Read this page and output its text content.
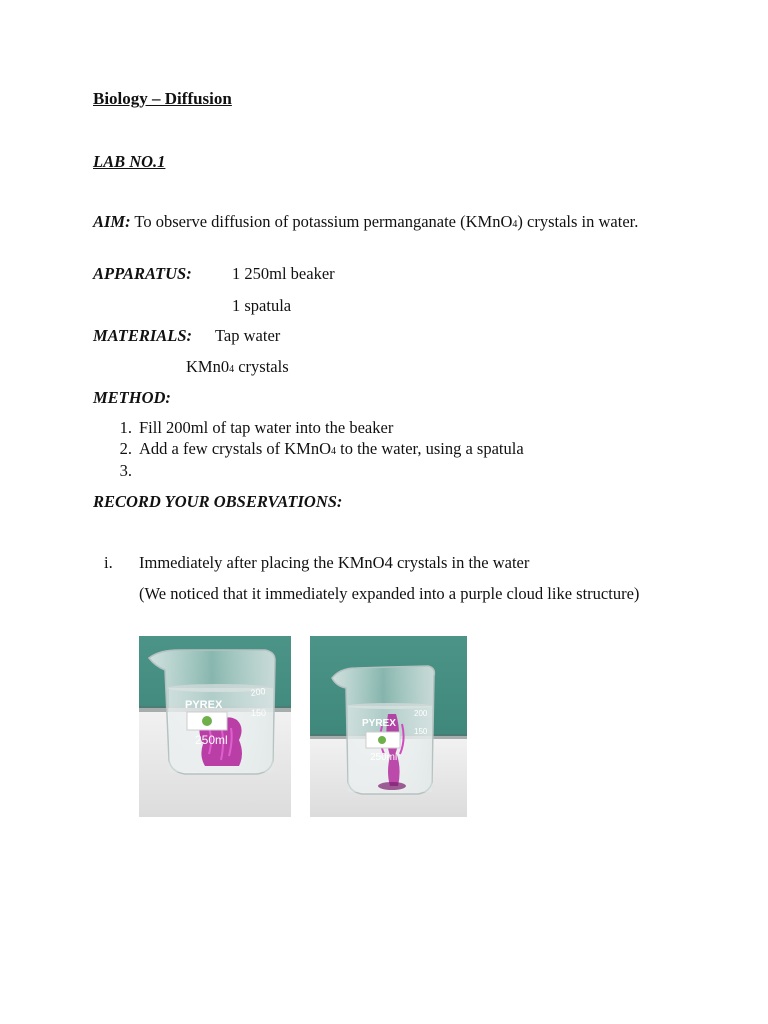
Biology – Diffusion
LAB NO.1
AIM: To observe diffusion of potassium permanganate (KMnO4) crystals in water.
APPARATUS: 1 250ml beaker
1 spatula
MATERIALS: Tap water
KMn04 crystals
METHOD:
1. Fill 200ml of tap water into the beaker
2. Add a few crystals of KMnO4 to the water, using a spatula
3.
RECORD YOUR OBSERVATIONS:
i. Immediately after placing the KMnO4 crystals in the water
(We noticed that it immediately expanded into a purple cloud like structure)
PYREX
200
150
250ml
PYREX
200
150
250ml
